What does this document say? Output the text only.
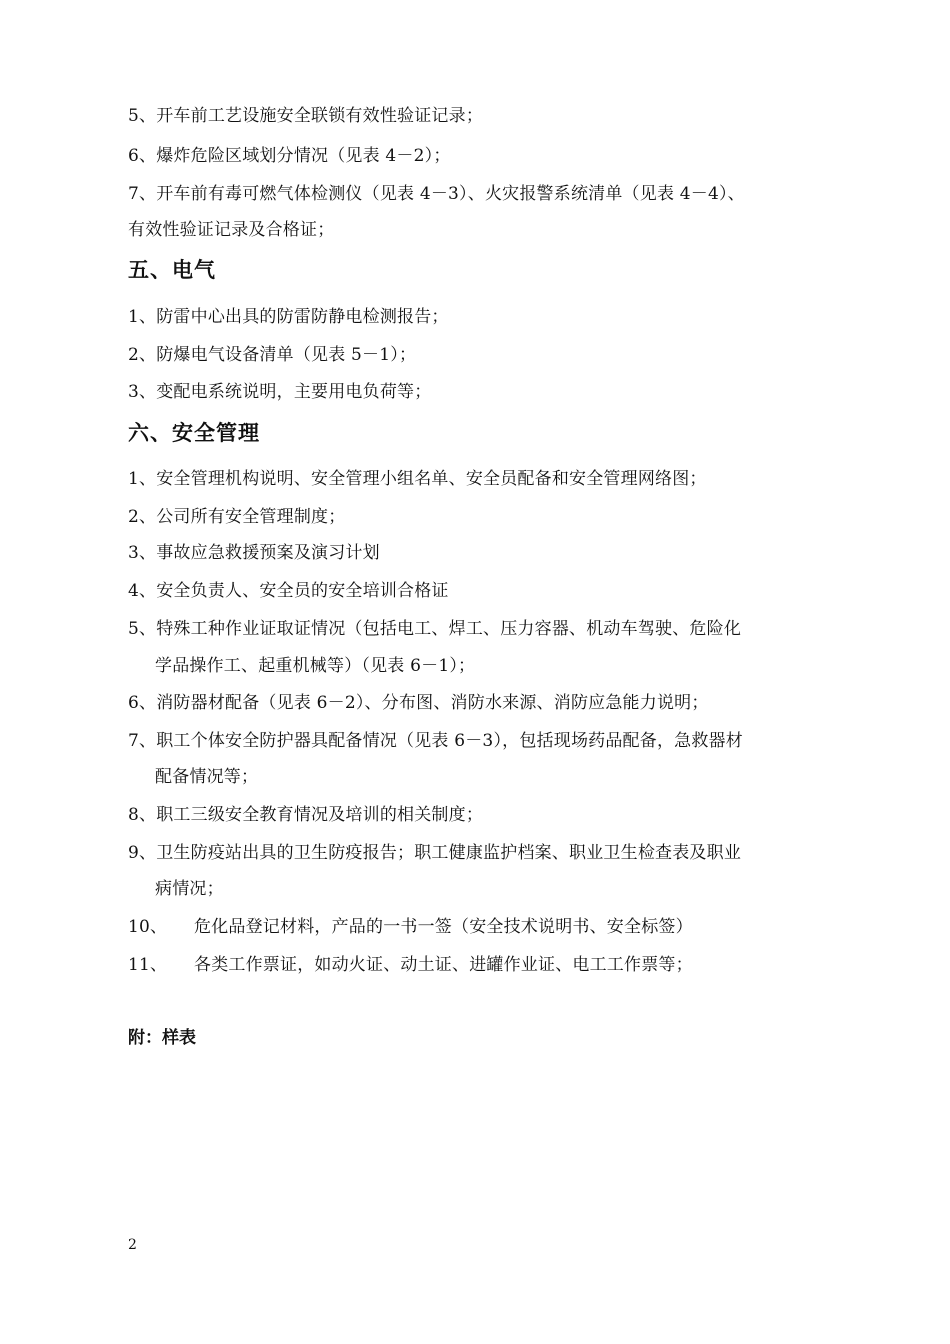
5、开车前工艺设施安全联锁有效性验证记录；
6、爆炸危险区域划分情况（见表 4－2）；
7、开车前有毒可燃气体检测仪（见表 4－3）、火灾报警系统清单（见表 4－4）、
有效性验证记录及合格证；
五、电气
1、防雷中心出具的防雷防静电检测报告；
2、防爆电气设备清单（见表 5－1）；
3、变配电系统说明，主要用电负荷等；
六、安全管理
1、安全管理机构说明、安全管理小组名单、安全员配备和安全管理网络图；
2、公司所有安全管理制度；
3、事故应急救援预案及演习计划
4、安全负责人、安全员的安全培训合格证
5、特殊工种作业证取证情况（包括电工、焊工、压力容器、机动车驾驶、危险化
学品操作工、起重机械等）（见表 6－1）；
6、消防器材配备（见表 6－2）、分布图、消防水来源、消防应急能力说明；
7、职工个体安全防护器具配备情况（见表 6－3），包括现场药品配备，急救器材
配备情况等；
8、职工三级安全教育情况及培训的相关制度；
9、卫生防疫站出具的卫生防疫报告；职工健康监护档案、职业卫生检查表及职业
病情况；
10、 危化品登记材料，产品的一书一签（安全技术说明书、安全标签）
11、 各类工作票证，如动火证、动土证、进罐作业证、电工工作票等；
附：样表
2
